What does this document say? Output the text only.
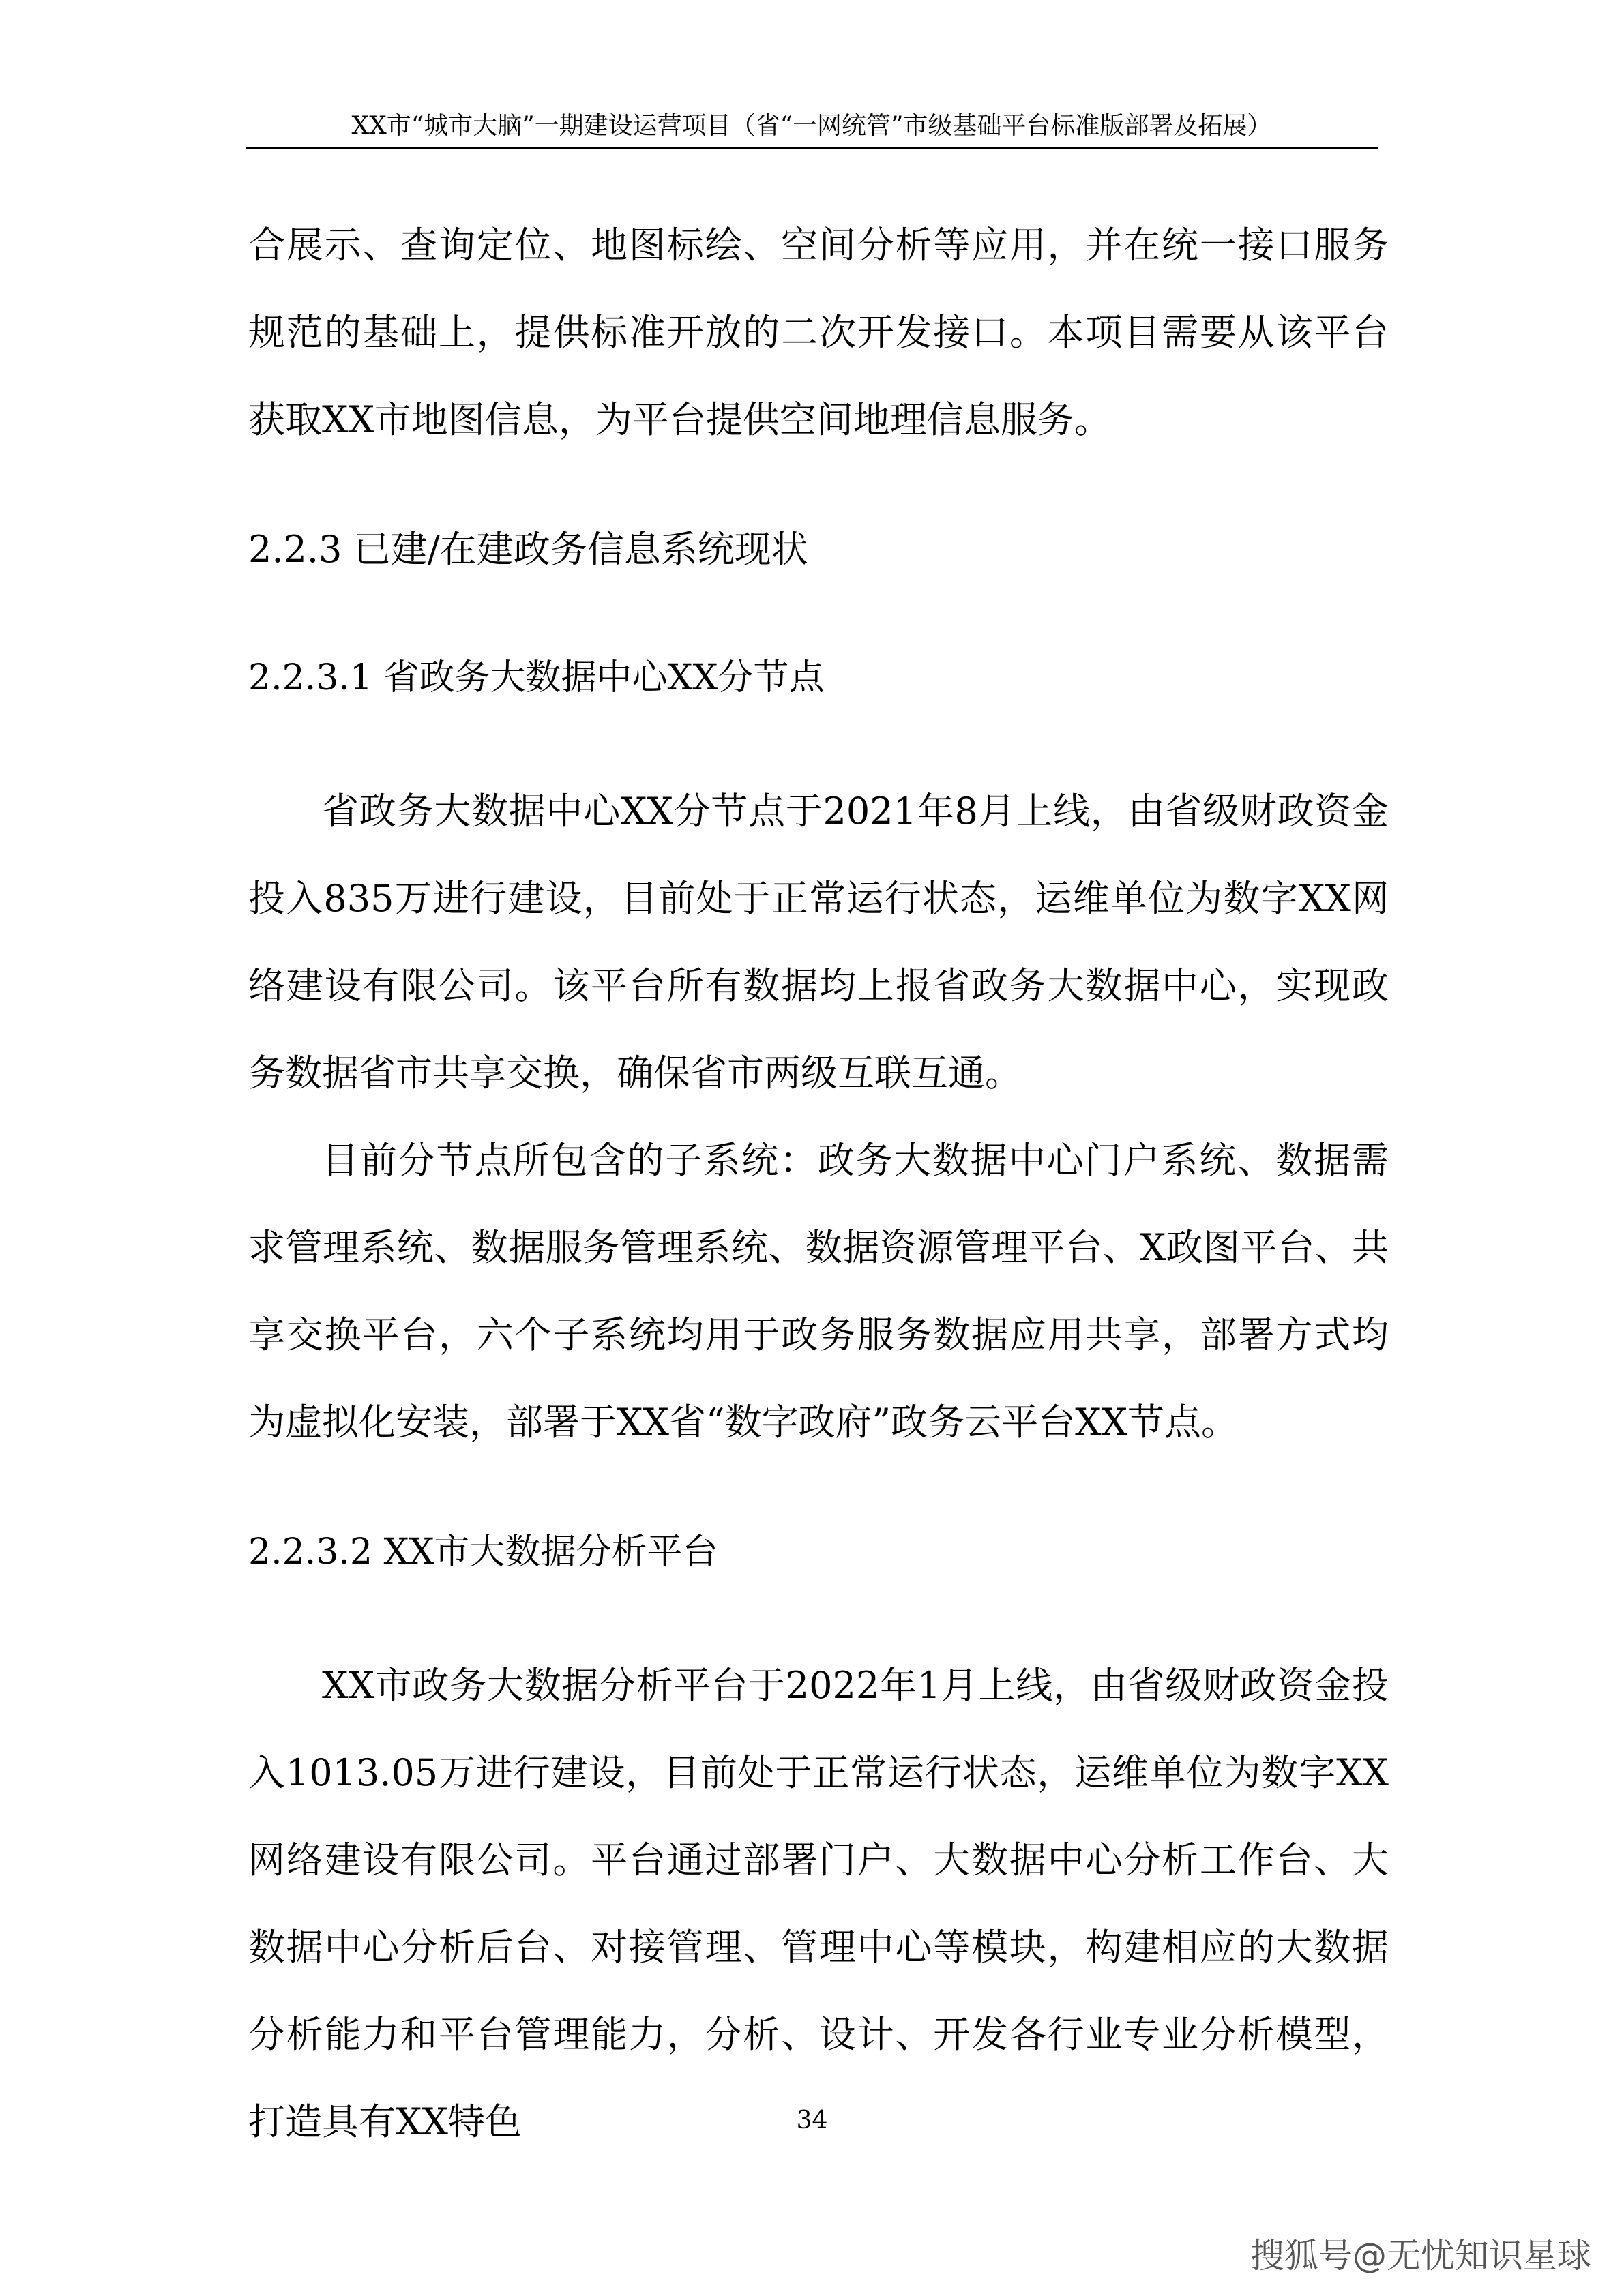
XX市“城市大脑”一期建设运营项目（省“一网统管”市级基础平台标准版部署及拓展）

合展示、查询定位、地图标绘、空间分析等应用，并在统一接口服务规范的基础上，提供标准开放的二次开发接口。本项目需要从该平台获取XX市地图信息，为平台提供空间地理信息服务。

2.2.3 已建/在建政务信息系统现状
2.2.3.1 省政务大数据中心XX分节点

省政务大数据中心XX分节点于2021年8月上线，由省级财政资金投入835万进行建设，目前处于正常运行状态，运维单位为数字XX网络建设有限公司。该平台所有数据均上报省政务大数据中心，实现政务数据省市共享交换，确保省市两级互联互通。

目前分节点所包含的子系统：政务大数据中心门户系统、数据需求管理系统、数据服务管理系统、数据资源管理平台、X政图平台、共享交换平台，六个子系统均用于政务服务数据应用共享，部署方式均为虚拟化安装，部署于XX省“数字政府”政务云平台XX节点。

2.2.3.2 XX市大数据分析平台

XX市政务大数据分析平台于2022年1月上线，由省级财政资金投入1013.05万进行建设，目前处于正常运行状态，运维单位为数字XX网络建设有限公司。平台通过部署门户、大数据中心分析工作台、大数据中心分析后台、对接管理、管理中心等模块，构建相应的大数据分析能力和平台管理能力，分析、设计、开发各行业专业分析模型，打造具有XX特色	34
搜狐号@无忧知识星球
